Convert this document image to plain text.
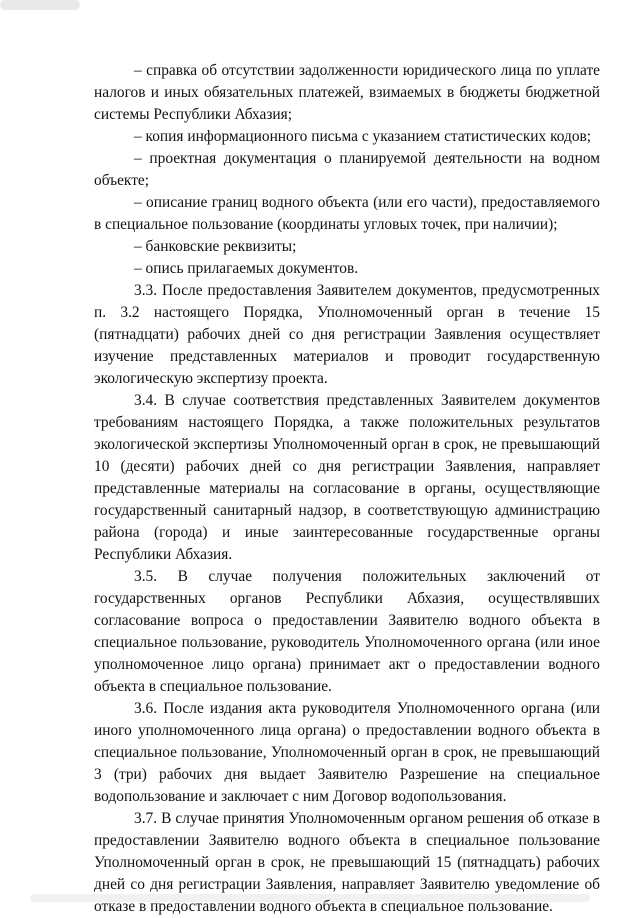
– справка об отсутствии задолженности юридического лица по уплате налогов и иных обязательных платежей, взимаемых в бюджеты бюджетной системы Республики Абхазия;

– копия информационного письма с указанием статистических кодов;

– проектная документация о планируемой деятельности на водном объекте;

– описание границ водного объекта (или его части), предоставляемого в специальное пользование (координаты угловых точек, при наличии);

– банковские реквизиты;

– опись прилагаемых документов.

3.3. После предоставления Заявителем документов, предусмотренных п. 3.2 настоящего Порядка, Уполномоченный орган в течение 15 (пятнадцати) рабочих дней со дня регистрации Заявления осуществляет изучение представленных материалов и проводит государственную экологическую экспертизу проекта.

3.4. В случае соответствия представленных Заявителем документов требованиям настоящего Порядка, а также положительных результатов экологической экспертизы Уполномоченный орган в срок, не превышающий 10 (десяти) рабочих дней со дня регистрации Заявления, направляет представленные материалы на согласование в органы, осуществляющие государственный санитарный надзор, в соответствующую администрацию района (города) и иные заинтересованные государственные органы Республики Абхазия.

3.5. В случае получения положительных заключений от государственных органов Республики Абхазия, осуществлявших согласование вопроса о предоставлении Заявителю водного объекта в специальное пользование, руководитель Уполномоченного органа (или иное уполномоченное лицо органа) принимает акт о предоставлении водного объекта в специальное пользование.

3.6. После издания акта руководителя Уполномоченного органа (или иного уполномоченного лица органа) о предоставлении водного объекта в специальное пользование, Уполномоченный орган в срок, не превышающий 3 (три) рабочих дня выдает Заявителю Разрешение на специальное водопользование и заключает с ним Договор водопользования.

3.7. В случае принятия Уполномоченным органом решения об отказе в предоставлении Заявителю водного объекта в специальное пользование Уполномоченный орган в срок, не превышающий 15 (пятнадцать) рабочих дней со дня регистрации Заявления, направляет Заявителю уведомление об отказе в предоставлении водного объекта в специальное пользование.
